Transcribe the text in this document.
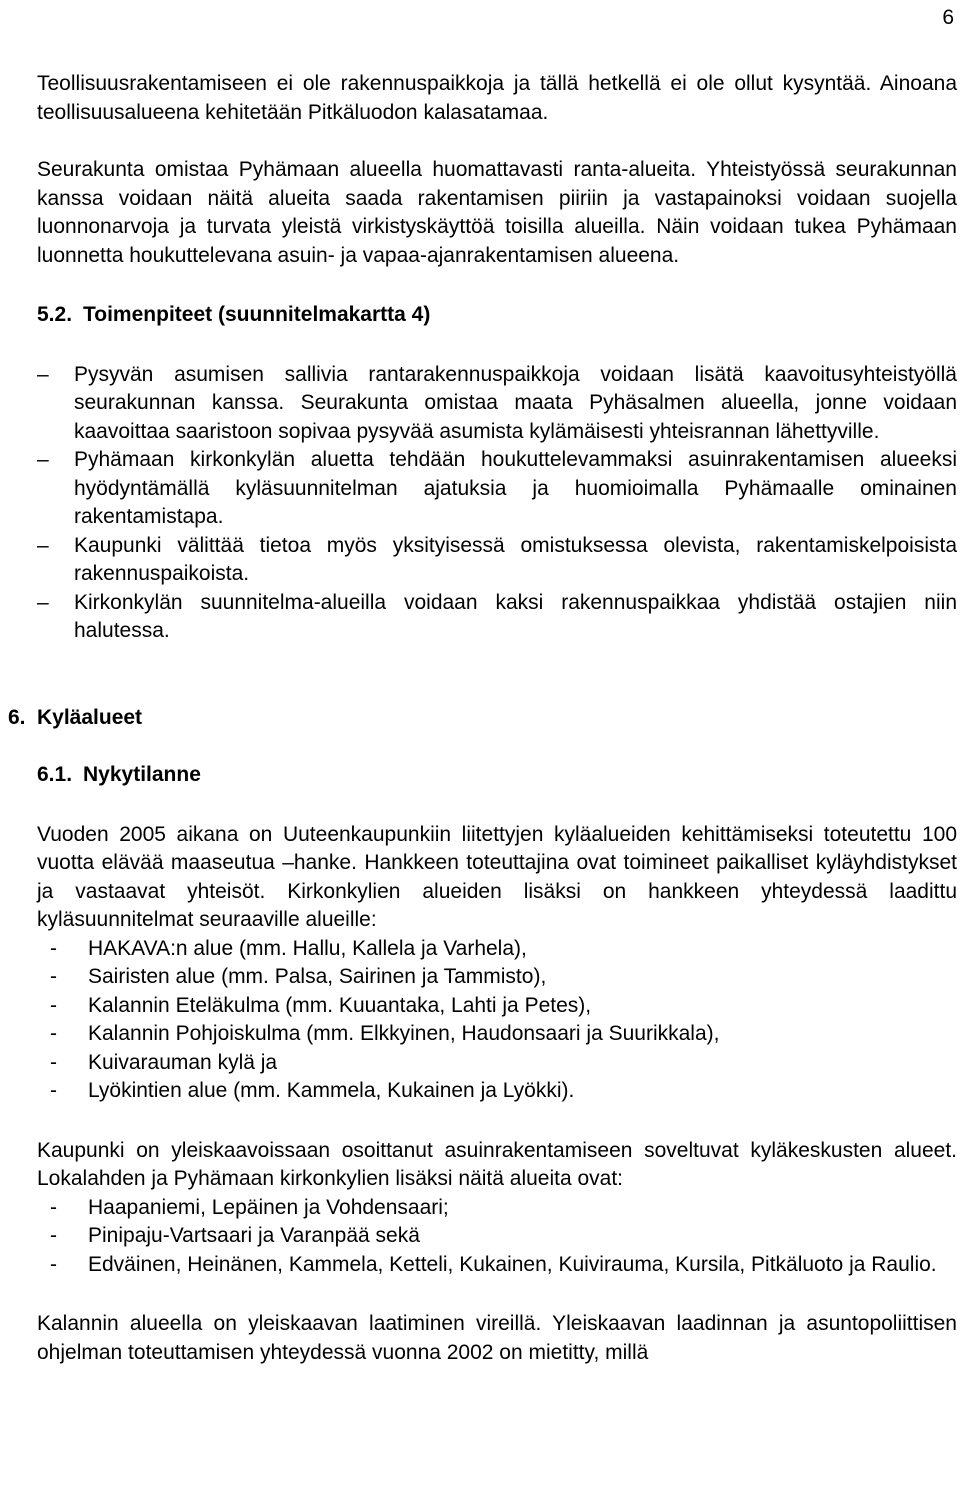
6

Teollisuusrakentamiseen ei ole rakennuspaikkoja ja tällä hetkellä ei ole ollut kysyntää. Ainoana teollisuusalueena kehitetään Pitkäluodon kalasatamaa.

Seurakunta omistaa Pyhämaan alueella huomattavasti ranta-alueita. Yhteistyössä seurakunnan kanssa voidaan näitä alueita saada rakentamisen piiriin ja vastapainoksi voidaan suojella luonnonarvoja ja turvata yleistä virkistyskäyttöä toisilla alueilla. Näin voidaan tukea Pyhämaan luonnetta houkuttelevana asuin- ja vapaa-ajanrakentamisen alueena.

5.2. Toimenpiteet (suunnitelmakartta 4)
–	Pysyvän asumisen sallivia rantarakennuspaikkoja voidaan lisätä kaavoitusyhteistyöllä seurakunnan kanssa. Seurakunta omistaa maata Pyhäsalmen alueella, jonne voidaan kaavoittaa saaristoon sopivaa pysyvää asumista kylämäisesti yhteisrannan lähettyville.
–	Pyhämaan kirkonkylän aluetta tehdään houkuttelevammaksi asuinrakentamisen alueeksi hyödyntämällä kyläsuunnitelman ajatuksia ja huomioimalla Pyhämaalle ominainen rakentamistapa.
–	Kaupunki välittää tietoa myös yksityisessä omistuksessa olevista, rakentamiskelpoisista rakennuspaikoista.
–	Kirkonkylän suunnitelma-alueilla voidaan kaksi rakennuspaikkaa yhdistää ostajien niin halutessa.
6. Kyläalueet
6.1. Nykytilanne

Vuoden 2005 aikana on Uuteenkaupunkiin liitettyjen kyläalueiden kehittämiseksi toteutettu 100 vuotta elävää maaseutua –hanke. Hankkeen toteuttajina ovat toimineet paikalliset kyläyhdistykset ja vastaavat yhteisöt. Kirkonkylien alueiden lisäksi on hankkeen yhteydessä laadittu kyläsuunnitelmat seuraaville alueille:

- HAKAVA:n alue (mm. Hallu, Kallela ja Varhela),
- Sairisten alue (mm. Palsa, Sairinen ja Tammisto),
- Kalannin Eteläkulma (mm. Kuuantaka, Lahti ja Petes),
- Kalannin Pohjoiskulma (mm. Elkkyinen, Haudonsaari ja Suurikkala),
- Kuivarauman kylä ja
- Lyökintien alue (mm. Kammela, Kukainen ja Lyökki).

Kaupunki on yleiskaavoissaan osoittanut asuinrakentamiseen soveltuvat kyläkeskusten alueet. Lokalahden ja Pyhämaan kirkonkylien lisäksi näitä alueita ovat:

- Haapaniemi, Lepäinen ja Vohdensaari;
- Pinipaju-Vartsaari ja Varanpää sekä
- Edväinen, Heinänen, Kammela, Ketteli, Kukainen, Kuiviraumа, Kursila, Pitkäluoto ja Raulio.

Kalannin alueella on yleiskaavan laatiminen vireillä. Yleiskaavan laadinnan ja asuntopoliittisen ohjelman toteuttamisen yhteydessä vuonna 2002 on mietitty, millä
